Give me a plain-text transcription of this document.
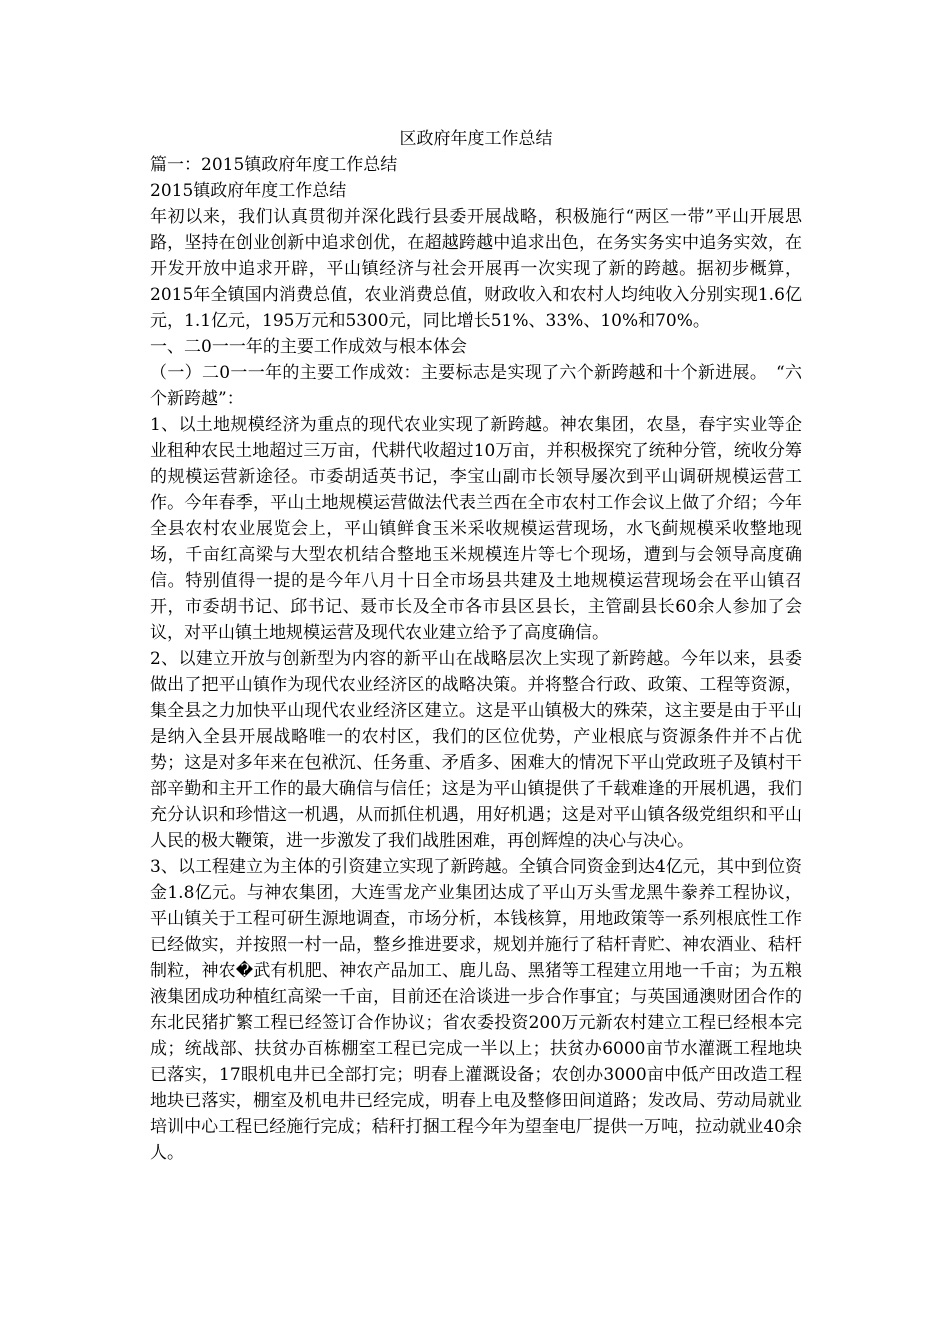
区政府年度工作总结

篇一：2015镇政府年度工作总结

2015镇政府年度工作总结

年初以来，我们认真贯彻并深化践行县委开展战略，积极施行“两区一带”平山开展思路，坚持在创业创新中追求创优，在超越跨越中追求出色，在务实务实中追务实效，在开发开放中追求开辟，平山镇经济与社会开展再一次实现了新的跨越。据初步概算，2015年全镇国内消费总值，农业消费总值，财政收入和农村人均纯收入分别实现1.6亿元，1.1亿元，195万元和5300元，同比增长51%、33%、10%和70%。

一、二0一一年的主要工作成效与根本体会

（一）二0一一年的主要工作成效：主要标志是实现了六个新跨越和十个新进展。　“六个新跨越”：

1、以土地规模经济为重点的现代农业实现了新跨越。神农集团，农垦，春宇实业等企业租种农民土地超过三万亩，代耕代收超过10万亩，并积极探究了统种分管，统收分筹的规模运营新途径。市委胡适英书记，李宝山副市长领导屡次到平山调研规模运营工作。今年春季，平山土地规模运营做法代表兰西在全市农村工作会议上做了介绍；今年全县农村农业展览会上，平山镇鲜食玉米采收规模运营现场，水飞蓟规模采收整地现场，千亩红高梁与大型农机结合整地玉米规模连片等七个现场，遭到与会领导高度确信。特别值得一提的是今年八月十日全市场县共建及土地规模运营现场会在平山镇召开，市委胡书记、邱书记、聂市长及全市各市县区县长，主管副县长60余人参加了会议，对平山镇土地规模运营及现代农业建立给予了高度确信。

2、以建立开放与创新型为内容的新平山在战略层次上实现了新跨越。今年以来，县委做出了把平山镇作为现代农业经济区的战略决策。并将整合行政、政策、工程等资源，集全县之力加快平山现代农业经济区建立。这是平山镇极大的殊荣，这主要是由于平山是纳入全县开展战略唯一的农村区，我们的区位优势，产业根底与资源条件并不占优势；这是对多年来在包袱沉、任务重、矛盾多、困难大的情况下平山党政班子及镇村干部辛勤和主开工作的最大确信与信任；这是为平山镇提供了千载难逢的开展机遇，我们充分认识和珍惜这一机遇，从而抓住机遇，用好机遇；这是对平山镇各级党组织和平山人民的极大鞭策，进一步激发了我们战胜困难，再创辉煌的决心与决心。

3、以工程建立为主体的引资建立实现了新跨越。全镇合同资金到达4亿元，其中到位资金1.8亿元。与神农集团，大连雪龙产业集团达成了平山万头雪龙黑牛豢养工程协议，平山镇关于工程可研生源地调查，市场分析，本钱核算，用地政策等一系列根底性工作已经做实，并按照一村一品，整乡推进要求，规划并施行了秸杆青贮、神农酒业、秸杆制粒，神农�武有机肥、神农产品加工、鹿儿岛、黑猪等工程建立用地一千亩；为五粮液集团成功种植红高梁一千亩，目前还在洽谈进一步合作事宜；与英国通澳财团合作的东北民猪扩繁工程已经签订合作协议；省农委投资200万元新农村建立工程已经根本完成；统战部、扶贫办百栋棚室工程已完成一半以上；扶贫办6000亩节水灌溉工程地块已落实，17眼机电井已全部打完；明春上灌溉设备；农创办3000亩中低产田改造工程地块已落实，棚室及机电井已经完成，明春上电及整修田间道路；发改局、劳动局就业培训中心工程已经施行完成；秸秆打捆工程今年为望奎电厂提供一万吨，拉动就业40余人。
